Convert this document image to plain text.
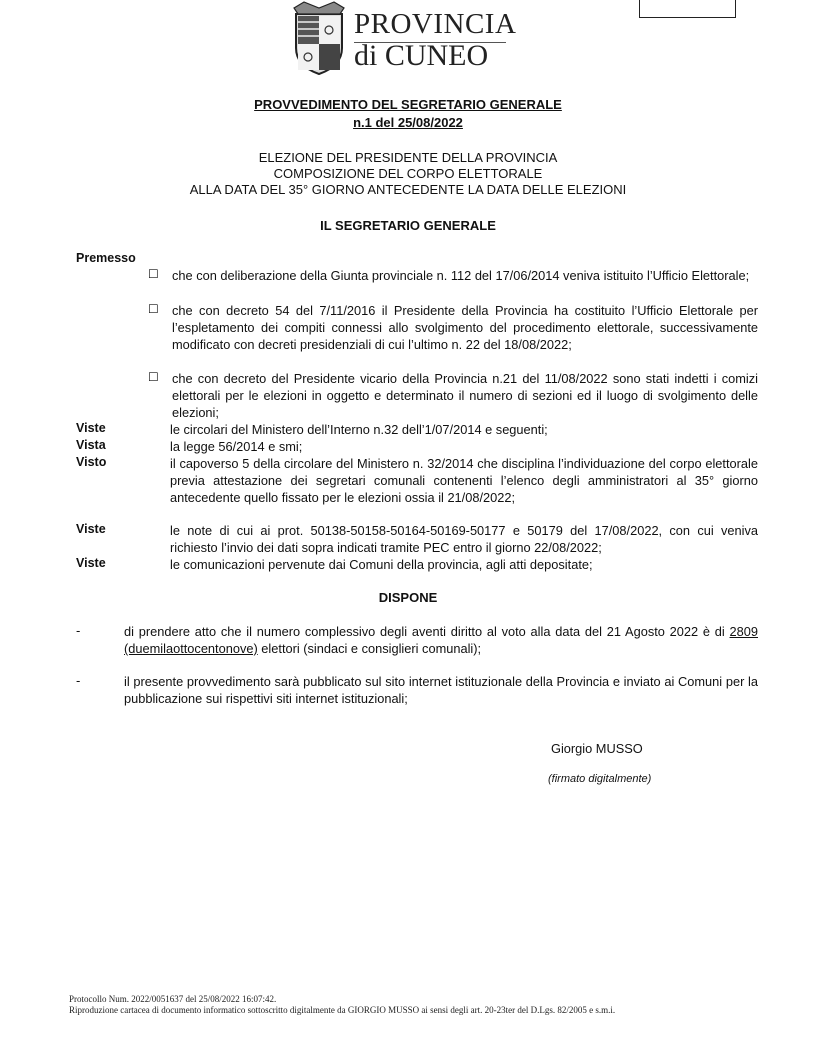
PROVINCIA
di CUNEO
PROVVEDIMENTO DEL SEGRETARIO GENERALE
n.1 del 25/08/2022
ELEZIONE DEL PRESIDENTE DELLA PROVINCIA
COMPOSIZIONE DEL CORPO ELETTORALE
ALLA DATA DEL 35° GIORNO ANTECEDENTE LA DATA DELLE ELEZIONI
IL SEGRETARIO GENERALE
Premesso
☐ che con deliberazione della Giunta provinciale n. 112 del 17/06/2014 veniva istituito l’Ufficio Elettorale;
☐ che con decreto 54 del 7/11/2016 il Presidente della Provincia ha costituito l’Ufficio Elettorale per l’espletamento dei compiti connessi allo svolgimento del procedimento elettorale, successivamente modificato con decreti presidenziali di cui l’ultimo n. 22 del 18/08/2022;
☐ che con decreto del Presidente vicario della Provincia n.21 del 11/08/2022 sono stati indetti i comizi elettorali per le elezioni in oggetto e determinato il numero di sezioni ed il luogo di svolgimento delle elezioni;
Viste	le circolari del Ministero dell’Interno n.32 dell’1/07/2014 e seguenti;
Vista	la legge 56/2014 e smi;
Visto	il capoverso 5 della circolare del Ministero n. 32/2014 che disciplina l’individuazione del corpo elettorale previa attestazione dei segretari comunali contenenti l’elenco degli amministratori al 35° giorno antecedente quello fissato per le elezioni ossia il 21/08/2022;
Viste	le note di cui ai prot. 50138-50158-50164-50169-50177 e 50179 del 17/08/2022, con cui veniva richiesto l’invio dei dati sopra indicati tramite PEC entro il giorno 22/08/2022;
Viste	le comunicazioni pervenute dai Comuni della provincia, agli atti depositate;
DISPONE
-	di prendere atto che il numero complessivo degli aventi diritto al voto alla data del 21 Agosto 2022 è di 2809 (duemilaottocentonove) elettori (sindaci e consiglieri comunali);
-	il presente provvedimento sarà pubblicato sul sito internet istituzionale della Provincia e inviato ai Comuni per la pubblicazione sui rispettivi siti internet istituzionali;
Giorgio MUSSO
(firmato digitalmente)
Protocollo Num. 2022/0051637 del 25/08/2022 16:07:42.
Riproduzione cartacea di documento informatico sottoscritto digitalmente da GIORGIO MUSSO ai sensi degli art. 20-23ter del D.Lgs. 82/2005 e s.m.i.
